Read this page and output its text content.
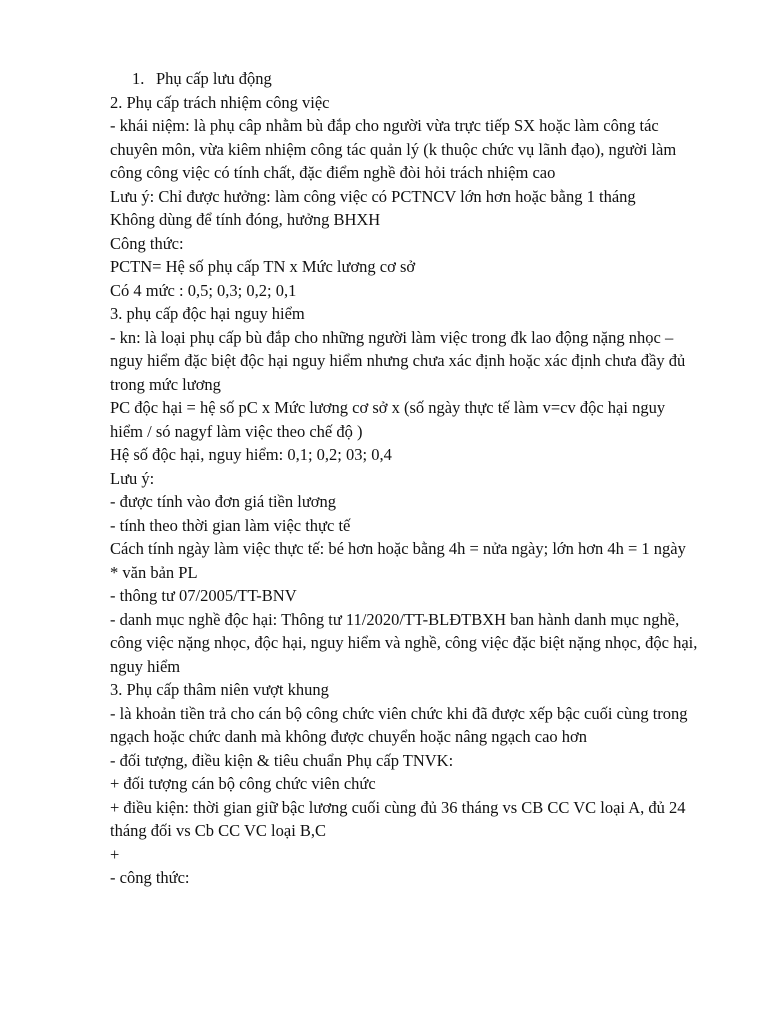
1. Phụ cấp lưu động

2. Phụ cấp trách nhiệm công việc

- khái niệm: là phụ câp nhằm bù đắp cho người vừa trực tiếp SX hoặc làm công tác chuyên môn, vừa kiêm nhiệm công tác quản lý (k thuộc chức vụ lãnh đạo), người làm công công việc có tính chất, đặc điểm nghề đòi hỏi trách nhiệm cao

Lưu ý: Chỉ được hưởng: làm công việc có PCTNCV lớn hơn hoặc bằng 1 tháng

Không dùng để tính đóng, hưởng BHXH

Công thức:

PCTN= Hệ số phụ cấp TN x Mức lương cơ sở

Có 4 mức : 0,5; 0,3; 0,2; 0,1

3. phụ cấp độc hại nguy hiểm

- kn: là loại phụ cấp bù đắp cho những người làm việc trong đk lao động nặng nhọc – nguy hiểm đặc biệt độc hại nguy hiểm nhưng chưa xác định hoặc xác định chưa đầy đủ trong mức lương

PC độc hại = hệ số pC x Mức lương cơ sở x (số ngày thực tế làm v=cv độc hại nguy hiểm / só nagyf làm việc theo chế độ )

Hệ số độc hại, nguy hiểm: 0,1; 0,2; 03; 0,4

Lưu ý:

- được tính vào đơn giá tiền lương

- tính theo thời gian làm việc thực tế

Cách tính ngày làm việc thực tế: bé hơn hoặc bằng 4h = nửa ngày; lớn hơn 4h = 1 ngày

* văn bản PL

- thông tư 07/2005/TT-BNV

- danh mục nghề độc hại: Thông tư 11/2020/TT-BLĐTBXH ban hành danh mục nghề, công việc nặng nhọc, độc hại, nguy hiểm và nghề, công việc đặc biệt nặng nhọc, độc hại, nguy hiểm

3. Phụ cấp thâm niên vượt khung

- là khoản tiền trả cho cán bộ công chức viên chức khi đã được xếp bậc cuối cùng trong ngạch hoặc chức danh mà không được chuyển hoặc nâng ngạch cao hơn

- đối tượng, điều kiện & tiêu chuẩn Phụ cấp TNVK:

+ đối tượng cán bộ công chức viên chức

+ điều kiện: thời gian giữ bậc lương cuối cùng đủ 36 tháng vs CB CC VC loại A, đủ 24 tháng đối vs Cb CC VC loại B,C

+

- công thức:
